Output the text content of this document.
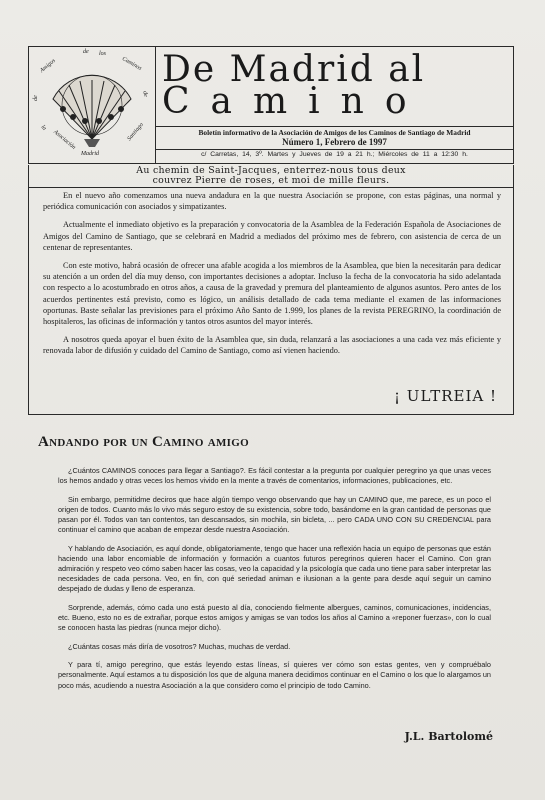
de los
Caminos
de
Santiago
Madrid
Amigos
de
la
Asociación
De Madrid al
Camino
Boletín informativo de la Asociación de Amigos de los Caminos de Santiago de Madrid
Número 1, Febrero de 1997
c/ Carretas, 14, 3º. Martes y Jueves de 19 a 21 h.; Miércoles de 11 a 12:30 h.
Au chemin de Saint-Jacques, enterrez-nous tous deux
couvrez Pierre de roses, et moi de mille fleurs.

En el nuevo año comenzamos una nueva andadura en la que nuestra Asociación se propone, con estas páginas, una normal y periódica comunicación con asociados y simpatizantes.

Actualmente el inmediato objetivo es la preparación y convocatoria de la Asamblea de la Federación Española de Asociaciones de Amigos del Camino de Santiago, que se celebrará en Madrid a mediados del próximo mes de febrero, con asistencia de cerca de un centenar de representantes.

Con este motivo, habrá ocasión de ofrecer una afable acogida a los miembros de la Asamblea, que bien la necesitarán para dedicar su atención a un orden del día muy denso, con importantes decisiones a adoptar. Incluso la fecha de la convocatoria ha sido adelantada con respecto a lo acostumbrado en otros años, a causa de la gravedad y premura del planteamiento de algunos asuntos. Pero antes de los acuerdos pertinentes está previsto, como es lógico, un análisis detallado de cada tema mediante el examen de las informaciones oportunas. Baste señalar las previsiones para el próximo Año Santo de 1.999, los planes de la revista PEREGRINO, la coordinación de hospitaleros, las oficinas de información y tantos otros asuntos del mayor interés.

A nosotros queda apoyar el buen éxito de la Asamblea que, sin duda, relanzará a las asociaciones a una cada vez más eficiente y renovada labor de difusión y cuidado del Camino de Santiago, como así vienen haciendo.

¡ ULTREIA !
Andando por un Camino amigo

¿Cuántos CAMINOS conoces para llegar a Santiago?. Es fácil contestar a la pregunta por cualquier peregrino ya que unas veces los hemos andado y otras veces los hemos vivido en la mente a través de comentarios, informaciones, publicaciones, etc.

Sin embargo, permitidme deciros que hace algún tiempo vengo observando que hay un CAMINO que, me parece, es un poco el origen de todos. Cuanto más lo vivo más seguro estoy de su existencia, sobre todo, basándome en la gran cantidad de personas que pasan por él. Todos van tan contentos, tan descansados, sin mochila, sin bicleta, ... pero CADA UNO CON SU CREDENCIAL para continuar el camino que acaban de empezar desde nuestra Asociación.

Y hablando de Asociación, es aquí donde, obligatoriamente, tengo que hacer una reflexión hacia un equipo de personas que están haciendo una labor encomiable de información y formación a cuantos futuros peregrinos quieren hacer el Camino. Con gran admiración y respeto veo cómo saben hacer las cosas, veo la capacidad y la psicología que cada uno tiene para saber interpretar las necesidades de cada persona. Veo, en fin, con qué seriedad animan e ilusionan a la gente para desde aquí seguir un camino despejado de dudas y lleno de esperanza.

Sorprende, además, cómo cada uno está puesto al día, conociendo fielmente albergues, caminos, comunicaciones, incidencias, etc. Bueno, esto no es de extrañar, porque estos amigos y amigas se van todos los años al Camino a «reponer fuerzas», con lo cual se conocen hasta las piedras (nunca mejor dicho).

¿Cuántas cosas más diría de vosotros? Muchas, muchas de verdad.

Y para tí, amigo peregrino, que estás leyendo estas líneas, sí quieres ver cómo son estas gentes, ven y compruébalo personalmente. Aquí estamos a tu disposición los que de alguna manera decidimos continuar en el Camino o los que lo alargamos un poco más, acudiendo a nuestra Asociación a la que considero como el principio de todo Camino.

J.L. Bartolomé
